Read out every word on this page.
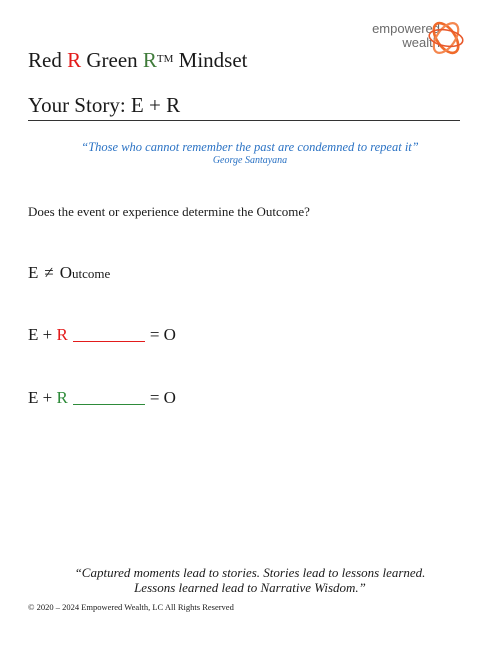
empowered
wealth
Red R Green R™ Mindset
Your Story: E + R
“Those who cannot remember the past are condemned to repeat it”
George Santayana
Does the event or experience determine the Outcome?
E ≠ Outcome
E + R	= O
E + R	= O
“Captured moments lead to stories. Stories lead to lessons learned.
Lessons learned lead to Narrative Wisdom.”
© 2020 – 2024 Empowered Wealth, LC All Rights Reserved
